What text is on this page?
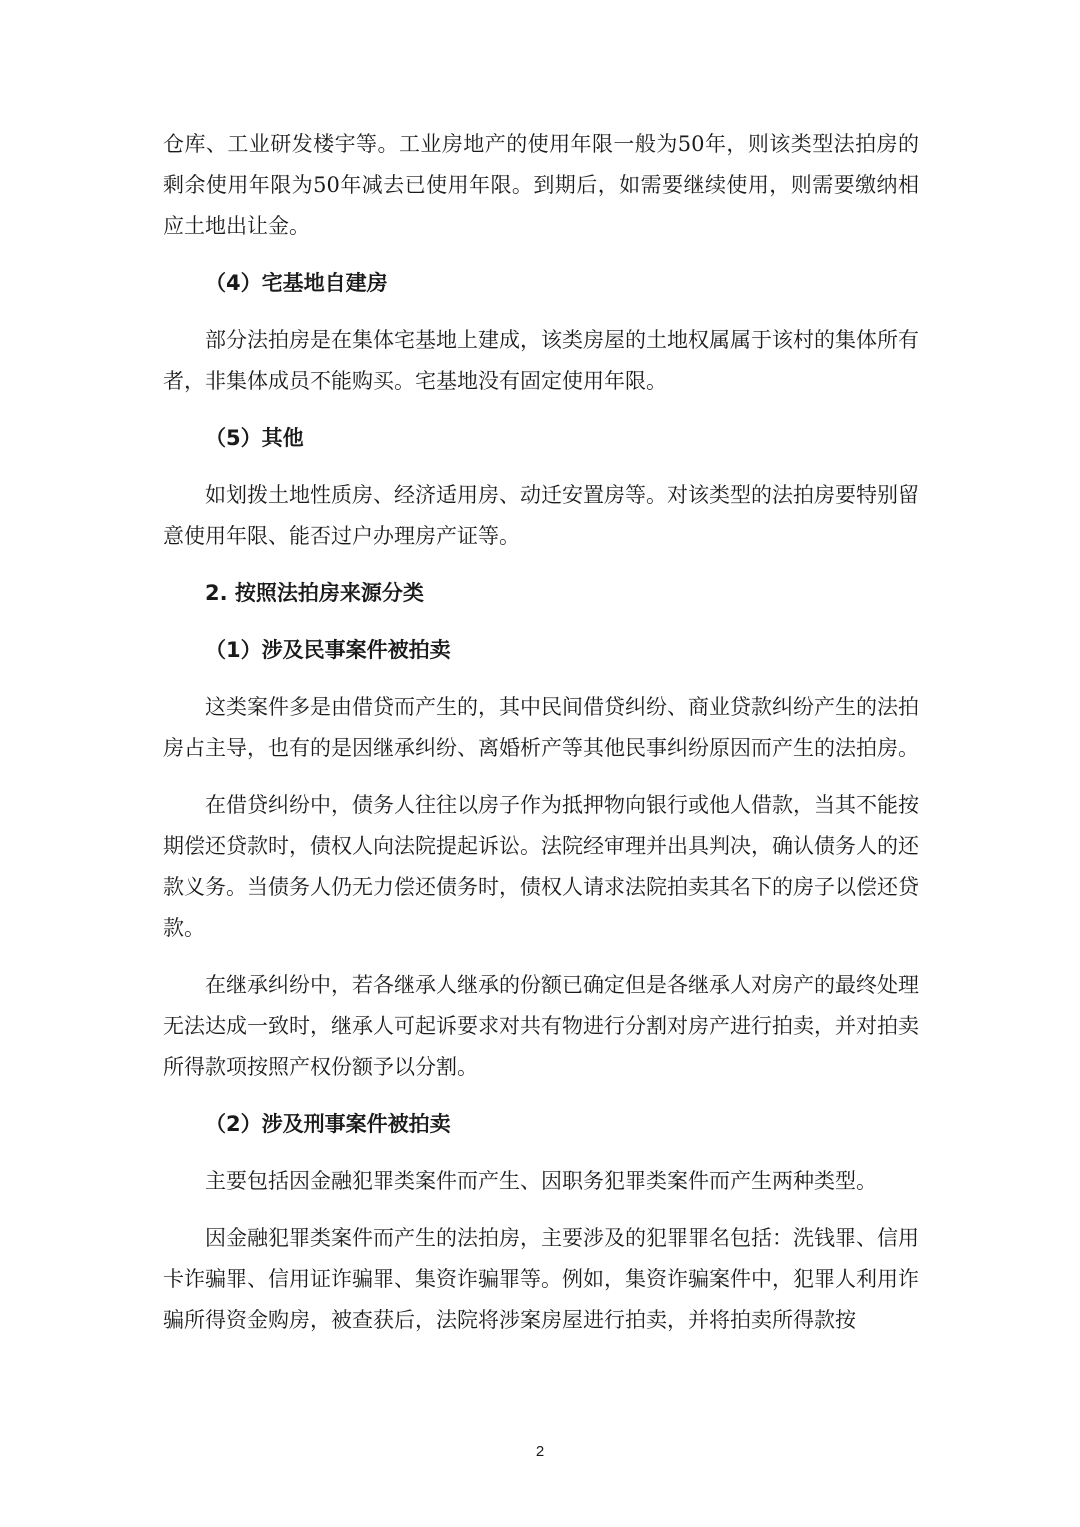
仓库、工业研发楼宇等。工业房地产的使用年限一般为50年，则该类型法拍房的剩余使用年限为50年减去已使用年限。到期后，如需要继续使用，则需要缴纳相应土地出让金。

（4）宅基地自建房

部分法拍房是在集体宅基地上建成，该类房屋的土地权属属于该村的集体所有者，非集体成员不能购买。宅基地没有固定使用年限。

（5）其他

如划拨土地性质房、经济适用房、动迁安置房等。对该类型的法拍房要特别留意使用年限、能否过户办理房产证等。

2. 按照法拍房来源分类

（1）涉及民事案件被拍卖

这类案件多是由借贷而产生的，其中民间借贷纠纷、商业贷款纠纷产生的法拍房占主导，也有的是因继承纠纷、离婚析产等其他民事纠纷原因而产生的法拍房。

在借贷纠纷中，债务人往往以房子作为抵押物向银行或他人借款，当其不能按期偿还贷款时，债权人向法院提起诉讼。法院经审理并出具判决，确认债务人的还款义务。当债务人仍无力偿还债务时，债权人请求法院拍卖其名下的房子以偿还贷款。

在继承纠纷中，若各继承人继承的份额已确定但是各继承人对房产的最终处理无法达成一致时，继承人可起诉要求对共有物进行分割对房产进行拍卖，并对拍卖所得款项按照产权份额予以分割。

（2）涉及刑事案件被拍卖

主要包括因金融犯罪类案件而产生、因职务犯罪类案件而产生两种类型。

因金融犯罪类案件而产生的法拍房，主要涉及的犯罪罪名包括：洗钱罪、信用卡诈骗罪、信用证诈骗罪、集资诈骗罪等。例如，集资诈骗案件中，犯罪人利用诈骗所得资金购房，被查获后，法院将涉案房屋进行拍卖，并将拍卖所得款按

2
